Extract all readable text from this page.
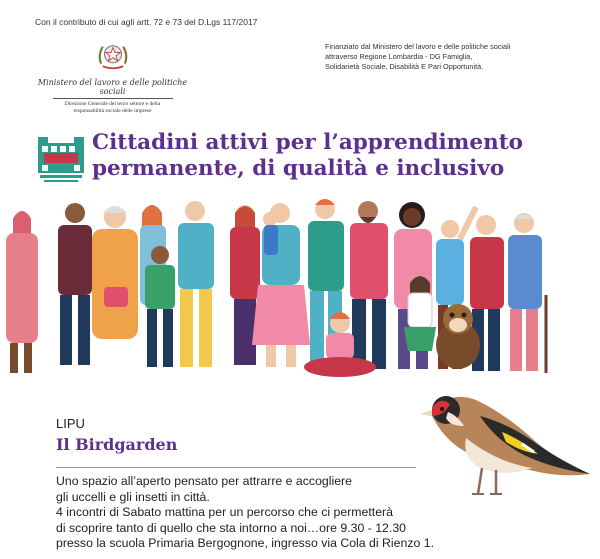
Con il contributo di cui agli artt. 72 e 73 del D.Lgs 117/2017
Ministero del lavoro e delle politiche sociali
Direzione Generale del terzo settore e della
responsabilità sociale delle imprese
Finanziato dal Ministero del lavoro e delle politiche sociali
attraverso Regione Lombardia - DG Famiglia,
Solidarietà Sociale, Disabilità E Pari Opportunità.
Cittadini attivi per l’apprendimento
permanente, di qualità e inclusivo
LIPU
Il Birdgarden
Uno spazio all’aperto pensato per attrarre e accogliere
gli uccelli e gli insetti in città.
4 incontri di Sabato mattina per un percorso che ci permetterà
di scoprire tanto di quello che sta intorno a noi…ore 9.30 - 12.30
presso la scuola Primaria Bergognone, ingresso via Cola di Rienzo 1.
